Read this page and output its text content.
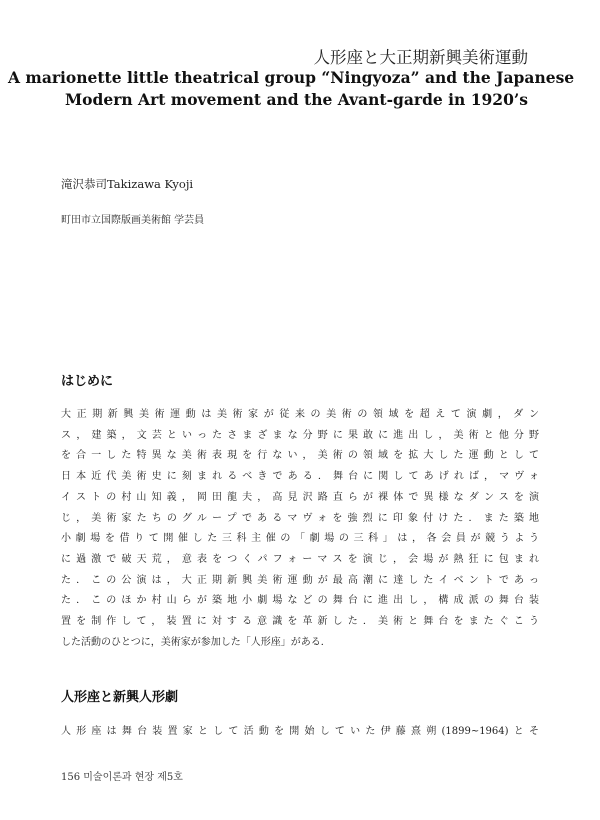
人形座と大正期新興美術運動
A marionette little theatrical group “Ningyoza” and the Japanese
Modern Art movement and the Avant-garde in 1920’s
滝沢恭司Takizawa Kyoji
町田市立国際版画美術館 学芸員
はじめに
大正期新興美術運動は美術家が従来の美術の領域を超えて演劇，ダン
ス，建築，文芸といったさまざまな分野に果敢に進出し，美術と他分野
を合一した特異な美術表現を行ない，美術の領域を拡大した運動として
日本近代美術史に刻まれるべきである．舞台に関してあげれば，マヴォ
イストの村山知義，岡田龍夫，高見沢路直らが裸体で異様なダンスを演
じ，美術家たちのグループであるマヴォを強烈に印象付けた．また築地
小劇場を借りて開催した三科主催の「劇場の三科」は，各会員が競うよう
に過激で破天荒，意表をつくパフォーマスを演じ，会場が熱狂に包まれ
た．この公演は，大正期新興美術運動が最高潮に達したイベントであっ
た．このほか村山らが築地小劇場などの舞台に進出し，構成派の舞台装
置を制作して，装置に対する意識を革新した．美術と舞台をまたぐこう
した活動のひとつに，美術家が参加した「人形座」がある．
人形座と新興人形劇
人形座は舞台装置家として活動を開始していた伊藤熹朔(1899~1964)とそ
156 미술이론과 현장 제5호
